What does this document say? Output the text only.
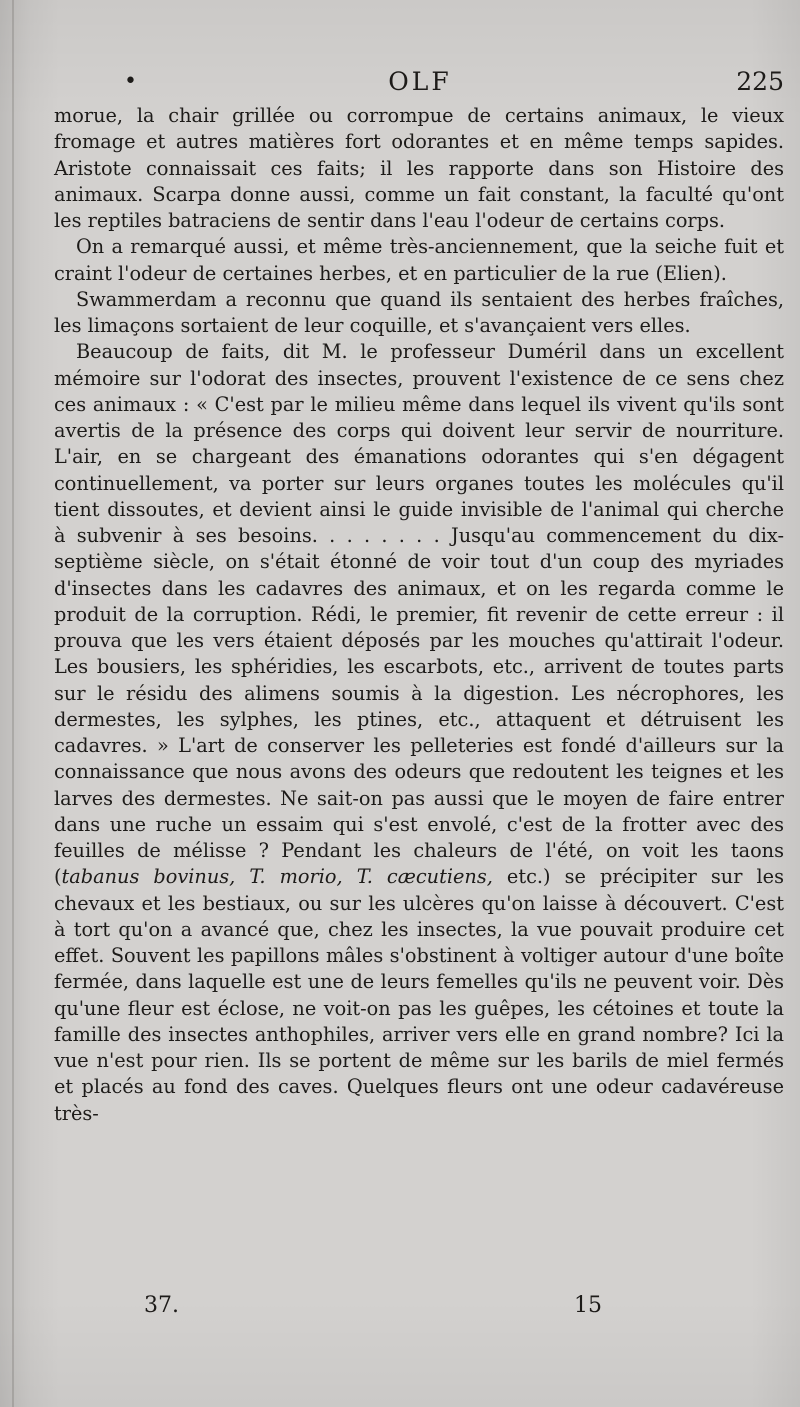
•	OLF	225

morue, la chair grillée ou corrompue de certains animaux, le vieux fromage et autres matières fort odorantes et en même temps sapides. Aristote connaissait ces faits; il les rapporte dans son Histoire des animaux. Scarpa donne aussi, comme un fait constant, la faculté qu'ont les reptiles batraciens de sentir dans l'eau l'odeur de certains corps.

On a remarqué aussi, et même très-anciennement, que la seiche fuit et craint l'odeur de certaines herbes, et en particulier de la rue (Elien).

Swammerdam a reconnu que quand ils sentaient des herbes fraîches, les limaçons sortaient de leur coquille, et s'avançaient vers elles.

Beaucoup de faits, dit M. le professeur Duméril dans un excellent mémoire sur l'odorat des insectes, prouvent l'existence de ce sens chez ces animaux : « C'est par le milieu même dans lequel ils vivent qu'ils sont avertis de la présence des corps qui doivent leur servir de nourriture. L'air, en se chargeant des émanations odorantes qui s'en dégagent continuellement, va porter sur leurs organes toutes les molécules qu'il tient dissoutes, et devient ainsi le guide invisible de l'animal qui cherche à subvenir à ses besoins. . . . . . . . Jusqu'au commencement du dix-septième siècle, on s'était étonné de voir tout d'un coup des myriades d'insectes dans les cadavres des animaux, et on les regarda comme le produit de la corruption. Rédi, le premier, fit revenir de cette erreur : il prouva que les vers étaient déposés par les mouches qu'attirait l'odeur. Les bousiers, les sphéridies, les escarbots, etc., arrivent de toutes parts sur le résidu des alimens soumis à la digestion. Les nécrophores, les dermestes, les sylphes, les ptines, etc., attaquent et détruisent les cadavres. » L'art de conserver les pelleteries est fondé d'ailleurs sur la connaissance que nous avons des odeurs que redoutent les teignes et les larves des dermestes. Ne sait-on pas aussi que le moyen de faire entrer dans une ruche un essaim qui s'est envolé, c'est de la frotter avec des feuilles de mélisse ? Pendant les chaleurs de l'été, on voit les taons (tabanus bovinus, T. morio, T. cæcutiens, etc.) se précipiter sur les chevaux et les bestiaux, ou sur les ulcères qu'on laisse à découvert. C'est à tort qu'on a avancé que, chez les insectes, la vue pouvait produire cet effet. Souvent les papillons mâles s'obstinent à voltiger autour d'une boîte fermée, dans laquelle est une de leurs femelles qu'ils ne peuvent voir. Dès qu'une fleur est éclose, ne voit-on pas les guêpes, les cétoines et toute la famille des insectes anthophiles, arriver vers elle en grand nombre? Ici la vue n'est pour rien. Ils se portent de même sur les barils de miel fermés et placés au fond des caves. Quelques fleurs ont une odeur cadavéreuse très-

37.	15
